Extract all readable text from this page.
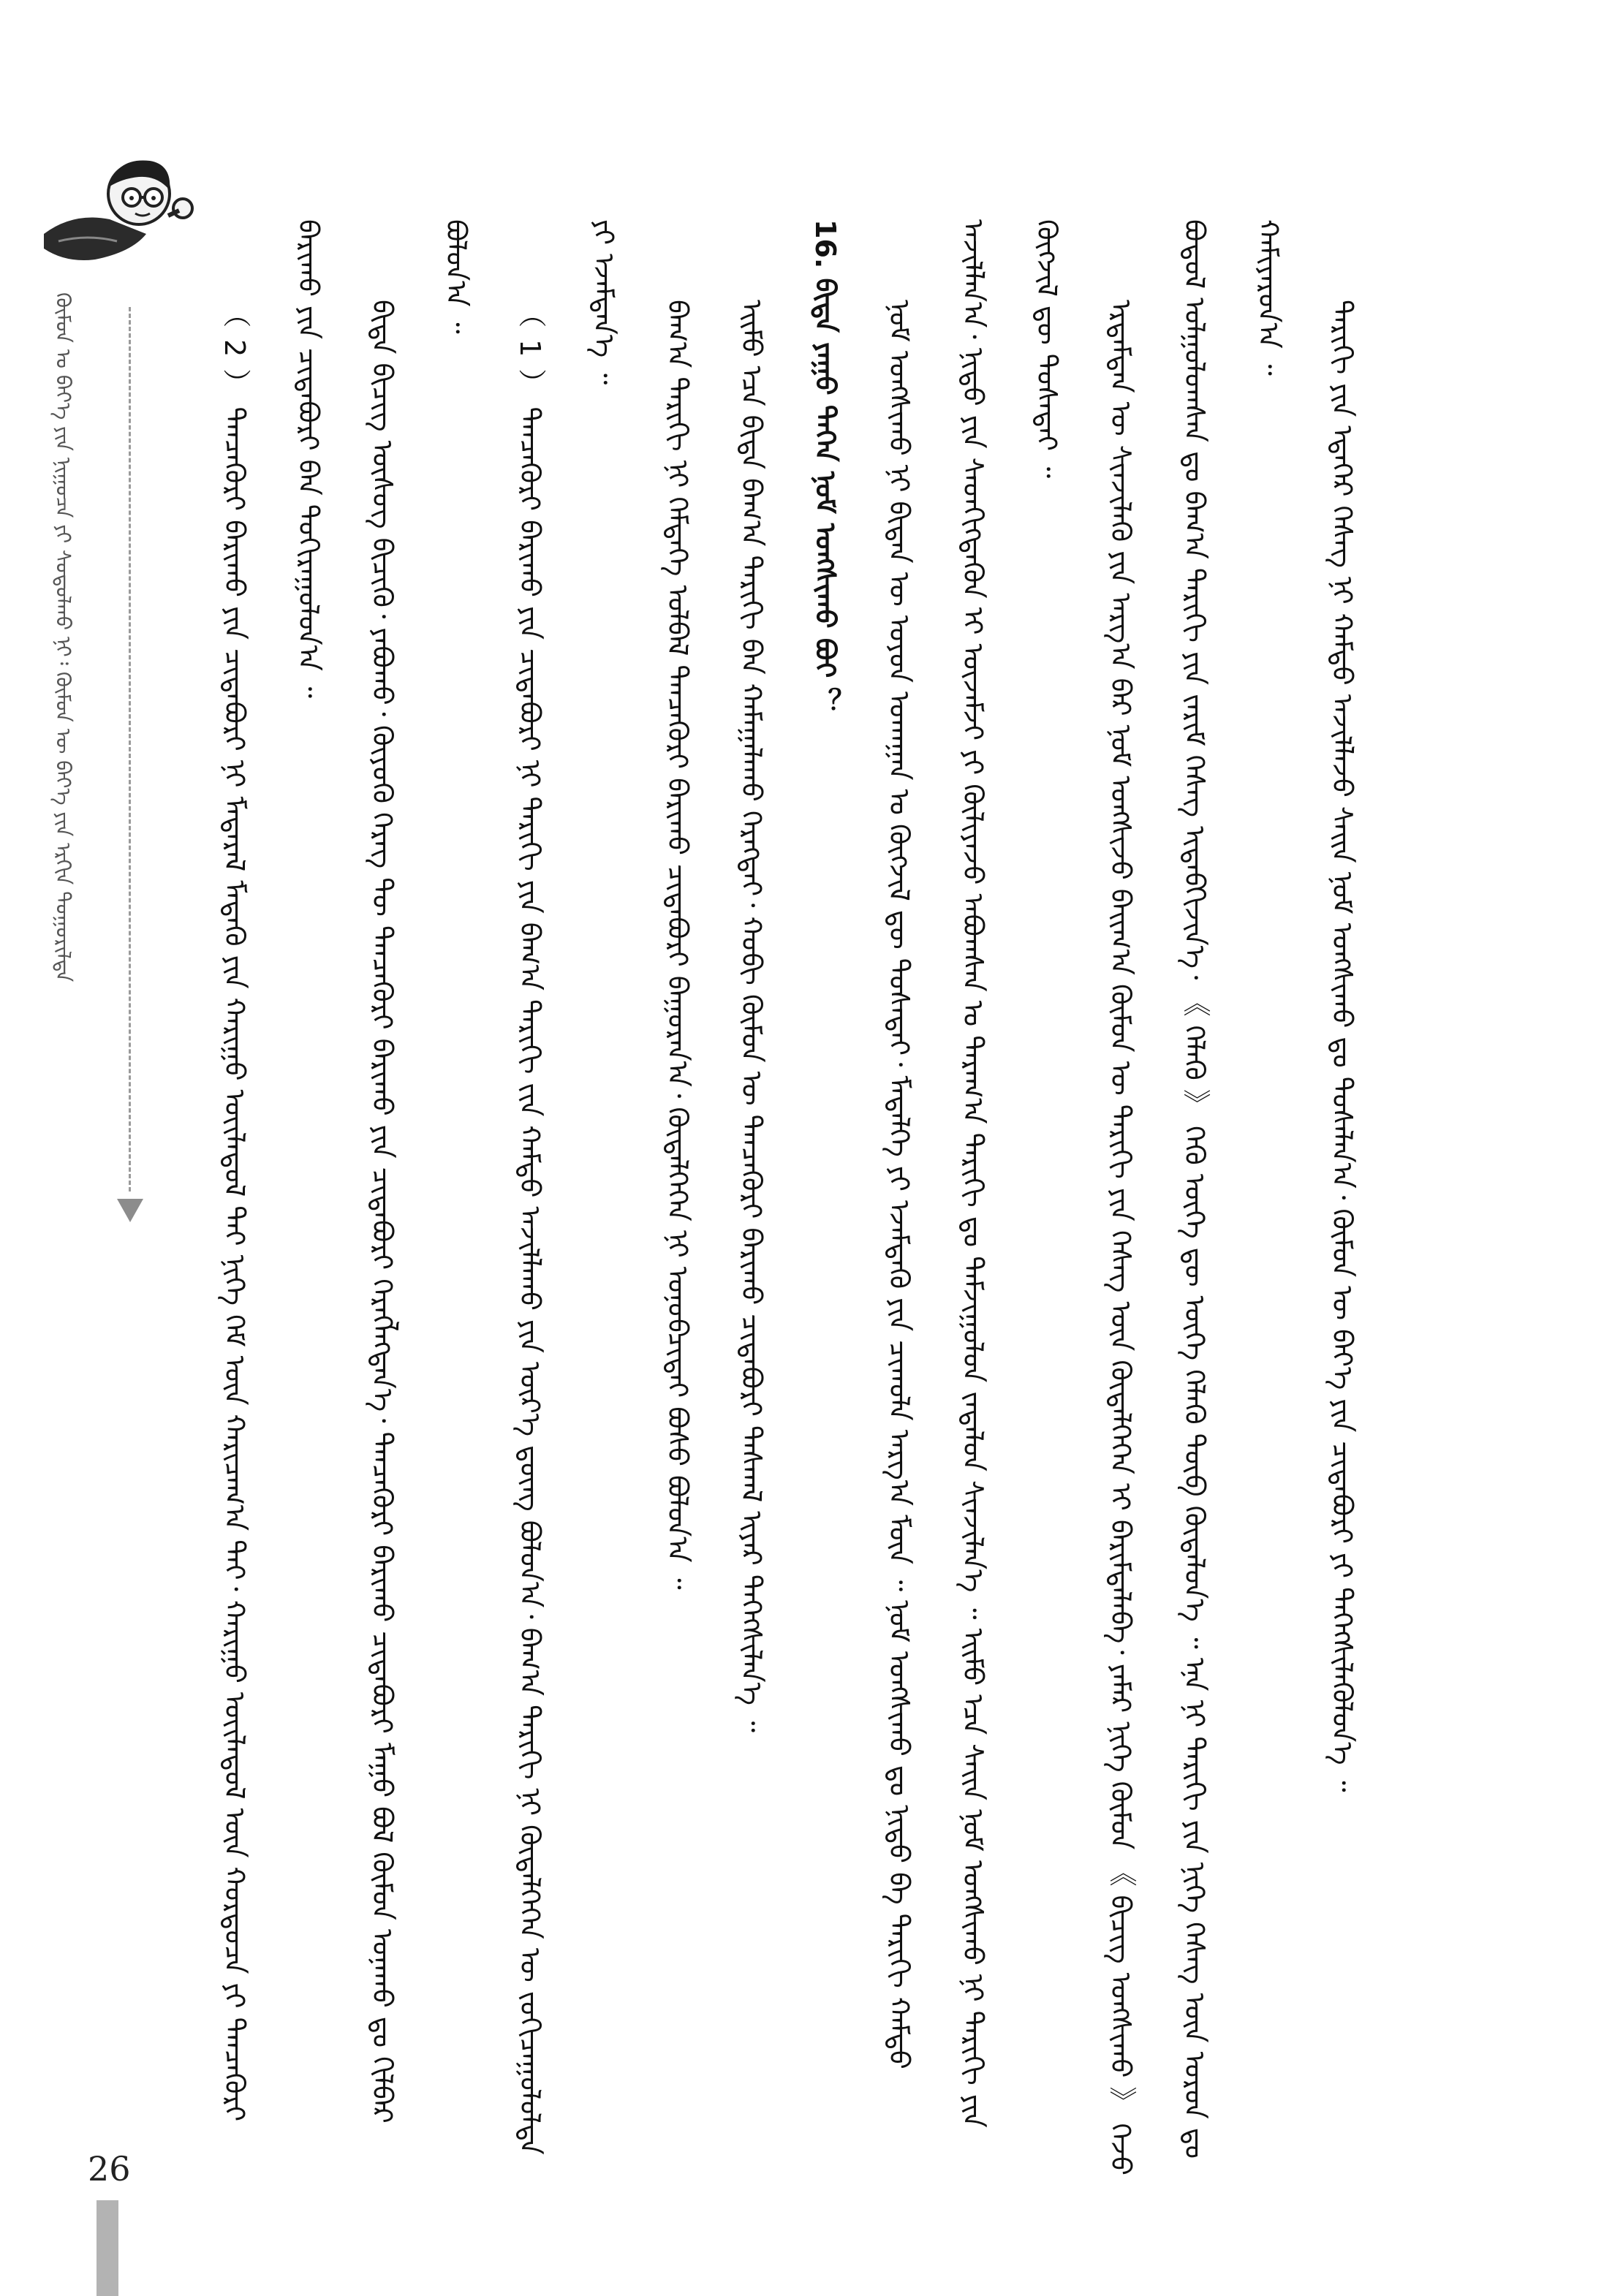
ᠬᠦᠮᠦᠨ ᠤ ᠪᠡᠶ᠎ᠡ ᠶᠢᠨ ᠨᠢᠭᠤᠴᠠ ᠶᠢ ᠰᠤᠳᠤᠯᠬᠤ ᠨᠢ᠄ ᠬᠦᠮᠦᠨ ᠦ ᠪᠡᠶ᠎ᠡ ᠶᠢᠨ ᠡᠷᠭᠢᠨ ᠲᠣᠭᠤᠷᠢᠯᠲᠠ	（ 2 ） ᠲᠡᠨᠴᠡᠭᠦᠷᠢ ᠪᠠᠷᠢᠬᠤ ᠶᠢᠨ ᠴᠢᠳᠠᠪᠤᠷᠢ ᠨᠢ ᠮᠡᠳᠡᠷᠡᠯ ᠮᠡᠳᠡᠬᠦ ᠶᠢᠨ ᠬᠠᠷᠢᠭᠤ ᠦᠢᠯᠡᠳᠦᠯ ᠲᠡᠢ ᠨᠢᠭᠡ ᠬᠡᠮ ᠦᠨ ᠬᠠᠷᠢᠴᠠᠭ᠎ᠠ ᠲᠠᠢ᠂ ᠬᠠᠷᠢᠭᠤ ᠦᠢᠯᠡᠳᠦᠯ ᠦᠨ ᠬᠤᠷᠳᠤᠴᠠ ᠶᠢ ᠲᠡᠨᠴᠡᠭᠦᠷᠢ ᠪᠠᠷᠢᠬᠤ ᠶᠢᠨ ᠴᠢᠳᠠᠪᠤᠷᠢ ᠪᠠᠨ ᠲᠣᠬᠢᠷᠠᠭᠤᠯᠤᠨ᠎ᠠ ᠃	ᠪᠢᠳᠡ ᠪᠢᠴᠢᠭ ᠦᠰᠦᠭ ᠪᠢᠴᠢᠬᠦ᠂ ᠶᠠᠪᠤᠬᠤ᠂ ᠭᠦᠶᠦᠬᠦ ᠬᠡᠷᠡᠭ ᠲᠦ ᠲᠡᠨᠴᠡᠭᠦᠷᠢ ᠪᠠᠷᠢᠬᠤ ᠶᠢᠨ ᠴᠢᠳᠠᠪᠤᠷᠢ ᠬᠡᠷᠡᠭᠯᠡᠭᠳᠡᠨ᠎ᠡ᠂ ᠲᠡᠨᠴᠡᠭᠦᠷᠢ ᠪᠠᠷᠢᠬᠤ ᠴᠢᠳᠠᠪᠤᠷᠢ ᠮᠠᠭᠤ ᠪᠣᠯ ᠬᠦᠮᠦᠨ ᠤᠨᠠᠬᠤ ᠳᠤ ᠬᠢᠯᠪᠠᠷ ᠪᠣᠯᠤᠨ᠎ᠠ ᠃

（ 1 ） ᠲᠡᠨᠴᠡᠭᠦᠷᠢ ᠪᠠᠷᠢᠬᠤ ᠶᠢᠨ ᠴᠢᠳᠠᠪᠤᠷᠢ ᠨᠢ ᠲᠠᠷᠢᠬᠢ ᠶᠢᠨ ᠪᠠᠭ᠎ᠠ ᠲᠠᠷᠢᠬᠢ ᠵᠢᠨ ᠬᠠᠮᠲᠤ ᠠᠵᠢᠯᠯᠠᠬᠤ ᠶᠢᠨ ᠦᠷ᠎ᠡ ᠳ᠋ᠦᠩ ᠪᠣᠯᠤᠨ᠎ᠠ᠂ ᠪᠠᠭ᠎ᠠ ᠲᠠᠷᠢᠬᠢ ᠨᠢ ᠬᠥᠳᠡᠯᠭᠡᠭᠡᠨ ᠦ ᠵᠣᠬᠢᠴᠠᠭᠤᠯᠤᠯᠲᠠ ᠶᠢ ᠡᠵᠡᠮᠳᠡᠨ᠎ᠡ ᠃	ᠪᠠᠭ᠎ᠠ ᠲᠠᠷᠢᠬᠢ ᠨᠢ ᠭᠡᠮᠲᠡᠭᠡ ᠣᠯᠪᠠᠯ ᠲᠡᠨᠴᠡᠭᠦᠷᠢ ᠪᠠᠷᠢᠬᠤ ᠴᠢᠳᠠᠪᠤᠷᠢ ᠪᠠᠭᠤᠷᠠᠨ᠎ᠠ᠂ ᠬᠥᠳᠡᠯᠭᠡᠭᠡᠨ ᠨᠢ ᠣᠨᠣᠪᠴᠢᠲᠠᠢ ᠪᠤᠰᠤ ᠪᠣᠯᠤᠨ᠎ᠠ ᠃	ᠡᠢᠮᠦ ᠡᠴᠡ ᠪᠢᠳᠡ ᠪᠠᠭ᠎ᠠ ᠲᠠᠷᠢᠬᠢ ᠪᠡᠨ ᠬᠠᠮᠠᠭᠠᠯᠠᠬᠤ ᠬᠡᠷᠡᠭᠲᠡᠢ᠂ ᠬᠤᠪᠢ ᠬᠦᠮᠦᠨ ᠦ ᠲᠡᠨᠴᠡᠭᠦᠷᠢ ᠪᠠᠷᠢᠬᠤ ᠴᠢᠳᠠᠪᠤᠷᠢ ᠳᠠᠰᠬᠠᠯ ᠢᠶᠠᠷ ᠳᠡᠭᠡᠭᠰᠢᠯᠡᠨ᠎ᠡ ᠃	16. ᠪᠢᠳᠡ ᠶᠠᠭᠤ ᠳᠡᠭᠡᠨ ᠨᠣᠮ ᠤᠩᠰᠢᠬᠤ ᠪᠤᠢ ？	ᠨᠣᠮ ᠤᠩᠰᠢᠬᠤ ᠨᠢ ᠪᠢᠳᠡᠨ ᠦ ᠤᠶᠤᠨ ᠤᠬᠠᠭᠠᠨ ᠤ ᠬᠥᠭᠵᠢᠯ ᠳᠦ ᠲᠤᠰᠠᠲᠠᠢ᠂ ᠮᠡᠳᠡᠯᠭᠡ ᠶᠢ ᠡᠵᠡᠮᠳᠡᠬᠦ ᠶᠢᠨ ᠴᠢᠬᠤᠯᠠ ᠠᠷᠭ᠎ᠠ ᠮᠥᠨ ᠃ ᠨᠣᠮ ᠤᠩᠰᠢᠬᠤ ᠳᠤ ᠨᠢᠳᠦ ᠪᠠ ᠲᠠᠷᠢᠬᠢ ᠬᠠᠮᠲᠤ ᠠᠵᠢᠯᠯᠠᠨ᠎ᠠ᠂ ᠨᠢᠳᠦ ᠶᠢᠨ ᠰᠡᠳᠬᠢᠭᠳᠡᠬᠦᠨ ᠢ ᠦᠵᠡᠮᠵᠢ ᠶᠢ ᠬᠦᠯᠢᠶᠡᠵᠦ ᠠᠪᠤᠭᠰᠠᠨ ᠤ ᠳᠠᠷᠠᠭ᠎ᠠ ᠲᠠᠷᠢᠬᠢ ᠳᠤ ᠳᠠᠮᠵᠢᠭᠤᠯᠤᠨ ᠵᠠᠳᠠᠯᠤᠨ ᠰᠢᠨᠵᠢᠯᠡᠨ᠎ᠡ ᠃ ᠡᠢᠮᠦ ᠡᠴᠡ ᠰᠠᠢᠨ ᠨᠣᠮ ᠤᠩᠰᠢᠬᠤ ᠨᠢ ᠲᠠᠷᠢᠬᠢ ᠶᠢᠨ ᠬᠥᠭᠵᠢᠯ ᠳᠦ ᠲᠤᠰᠠᠲᠠᠢ ᠃	ᠡᠷᠳᠡᠮᠲᠡᠨ ᠦ ᠰᠢᠨᠵᠢᠯᠡᠬᠦ ᠶᠢᠨ ᠠᠷᠭ᠎ᠠ ᠪᠡᠷ ᠨᠣᠮ ᠤᠩᠰᠢᠵᠤ ᠪᠠᠢᠭ᠎ᠠ ᠬᠦᠮᠦᠨ ᠦ ᠲᠠᠷᠢᠬᠢ ᠶᠢᠨ ᠬᠡᠰᠡᠭ ᠦᠨ ᠬᠥᠳᠡᠯᠭᠡᠭᠡᠨ ᠢ ᠪᠠᠷᠢᠮᠲᠠᠯᠠᠪᠠ᠂ ᠶᠠᠮᠠᠷ ᠨᠢᠭᠡ ᠬᠦᠮᠦᠨ 《 ᠪᠢᠴᠢᠭ ᠤᠩᠰᠢᠬᠤ 》 ᠭᠡᠵᠦ ᠪᠣᠳᠣᠯ ᠣᠯᠭᠤᠯᠤᠭᠰᠠᠨ ᠳᠤ ᠪᠠᠭ᠎ᠠ ᠲᠠᠷᠢᠬᠢ ᠶᠢᠨ ᠵᠠᠷᠢᠮ ᠬᠡᠰᠡᠭ ᠢᠳᠡᠪᠬᠢᠵᠢᠨ᠎ᠡ᠂ 《 ᠬᠡᠯᠡᠬᠦ 》 ᠭᠡᠬᠦ ᠦᠭᠡ ᠳᠦ ᠦᠭᠡ ᠬᠡᠯᠡᠬᠦ ᠲᠥᠪ ᠬᠥᠳᠡᠯᠦᠨ᠎ᠡ ᠃ ᠡᠨᠡ ᠨᠢ ᠲᠠᠷᠢᠬᠢ ᠶᠢᠨ ᠨᠢᠭᠡ ᠬᠡᠰᠡᠭ ᠦᠨ ᠣᠷᠣᠨ ᠳᠤ ᠬᠠᠮᠢᠶᠠᠷᠤᠨ᠎ᠠ ᠃

ᠲᠠᠷᠢᠬᠢ ᠶᠢᠨ ᠡᠳᠡᠭᠡᠷ ᠬᠡᠰᠡᠭ ᠨᠢ ᠬᠠᠮᠲᠤ ᠠᠵᠢᠯᠯᠠᠵᠤ ᠰᠠᠢᠨ ᠨᠣᠮ ᠤᠩᠰᠢᠬᠤ ᠳᠤ ᠲᠤᠰᠠᠯᠠᠨ᠎ᠠ᠂ ᠬᠦᠮᠦᠨ ᠦ ᠪᠡᠶ᠎ᠡ ᠶᠢᠨ ᠴᠢᠳᠠᠪᠤᠷᠢ ᠶᠢ ᠳᠡᠭᠡᠭᠰᠢᠯᠡᠭᠦᠯᠦᠨ᠎ᠡ ᠃

26
